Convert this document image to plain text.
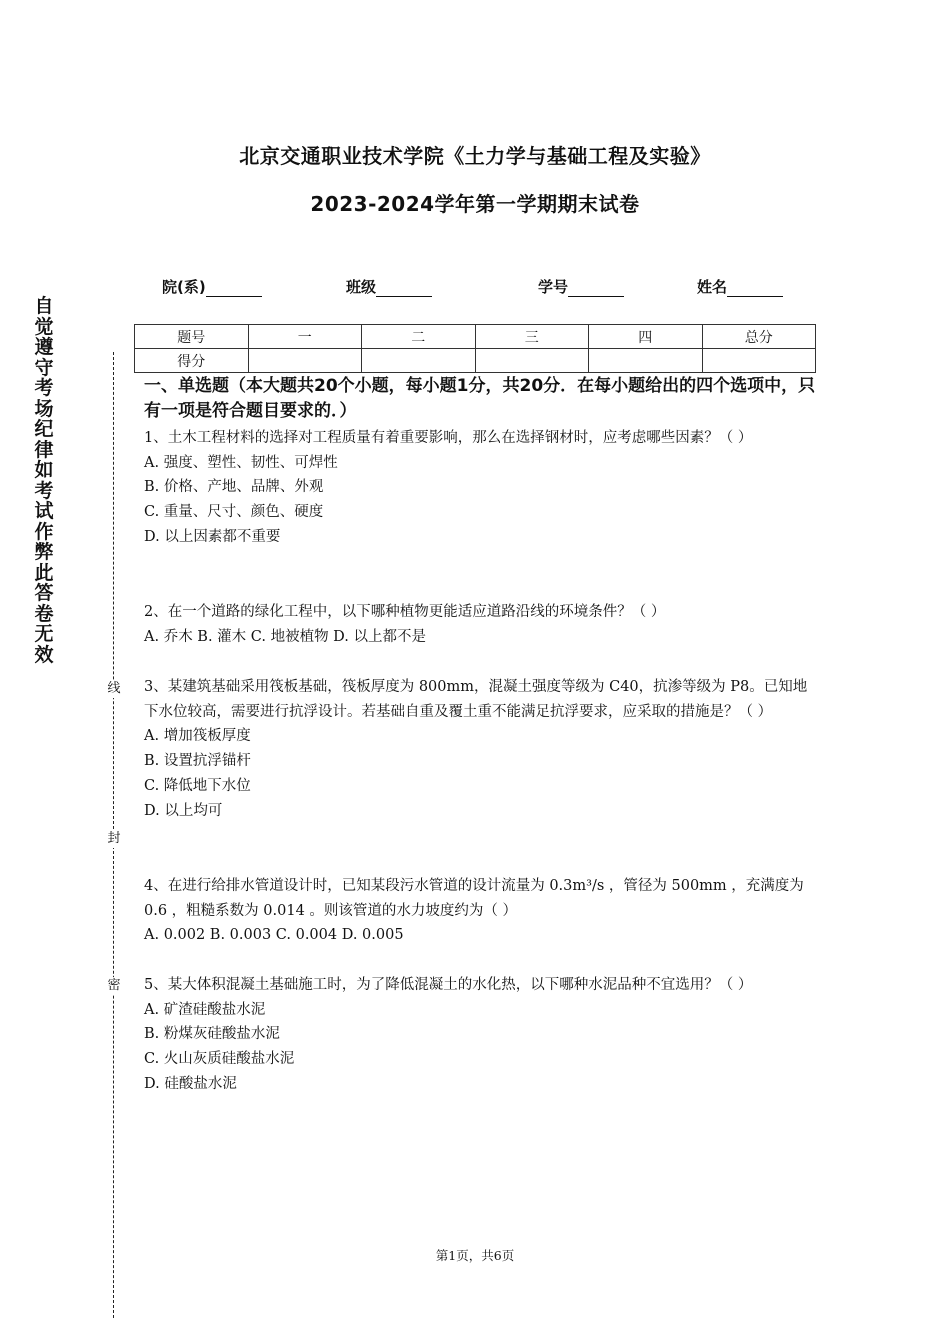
北京交通职业技术学院《土力学与基础工程及实验》
2023-2024学年第一学期期末试卷
院(系)	班级	学号	姓名
题号	一	二	三	四	总分
得分					
自觉遵守考场纪律如考试作弊此答卷无效
线
封
密
一、单选题（本大题共20个小题，每小题1分，共20分．在每小题给出的四个选项中，只有一项是符合题目要求的．）

1、土木工程材料的选择对工程质量有着重要影响，那么在选择钢材时，应考虑哪些因素？（ ）

A. 强度、塑性、韧性、可焊性

B. 价格、产地、品牌、外观

C. 重量、尺寸、颜色、硬度

D. 以上因素都不重要

2、在一个道路的绿化工程中，以下哪种植物更能适应道路沿线的环境条件？（ ）

A. 乔木 B. 灌木 C. 地被植物 D. 以上都不是

3、某建筑基础采用筏板基础，筏板厚度为 800mm，混凝土强度等级为 C40，抗渗等级为 P8。已知地下水位较高，需要进行抗浮设计。若基础自重及覆土重不能满足抗浮要求，应采取的措施是？（ ）

A. 增加筏板厚度

B. 设置抗浮锚杆

C. 降低地下水位

D. 以上均可

4、在进行给排水管道设计时，已知某段污水管道的设计流量为 0.3m³/s ，管径为 500mm ，充满度为 0.6 ，粗糙系数为 0.014 。则该管道的水力坡度约为（ ）

A. 0.002 B. 0.003 C. 0.004 D. 0.005

5、某大体积混凝土基础施工时，为了降低混凝土的水化热，以下哪种水泥品种不宜选用？（ ）

A. 矿渣硅酸盐水泥

B. 粉煤灰硅酸盐水泥

C. 火山灰质硅酸盐水泥

D. 硅酸盐水泥

第1页，共6页
